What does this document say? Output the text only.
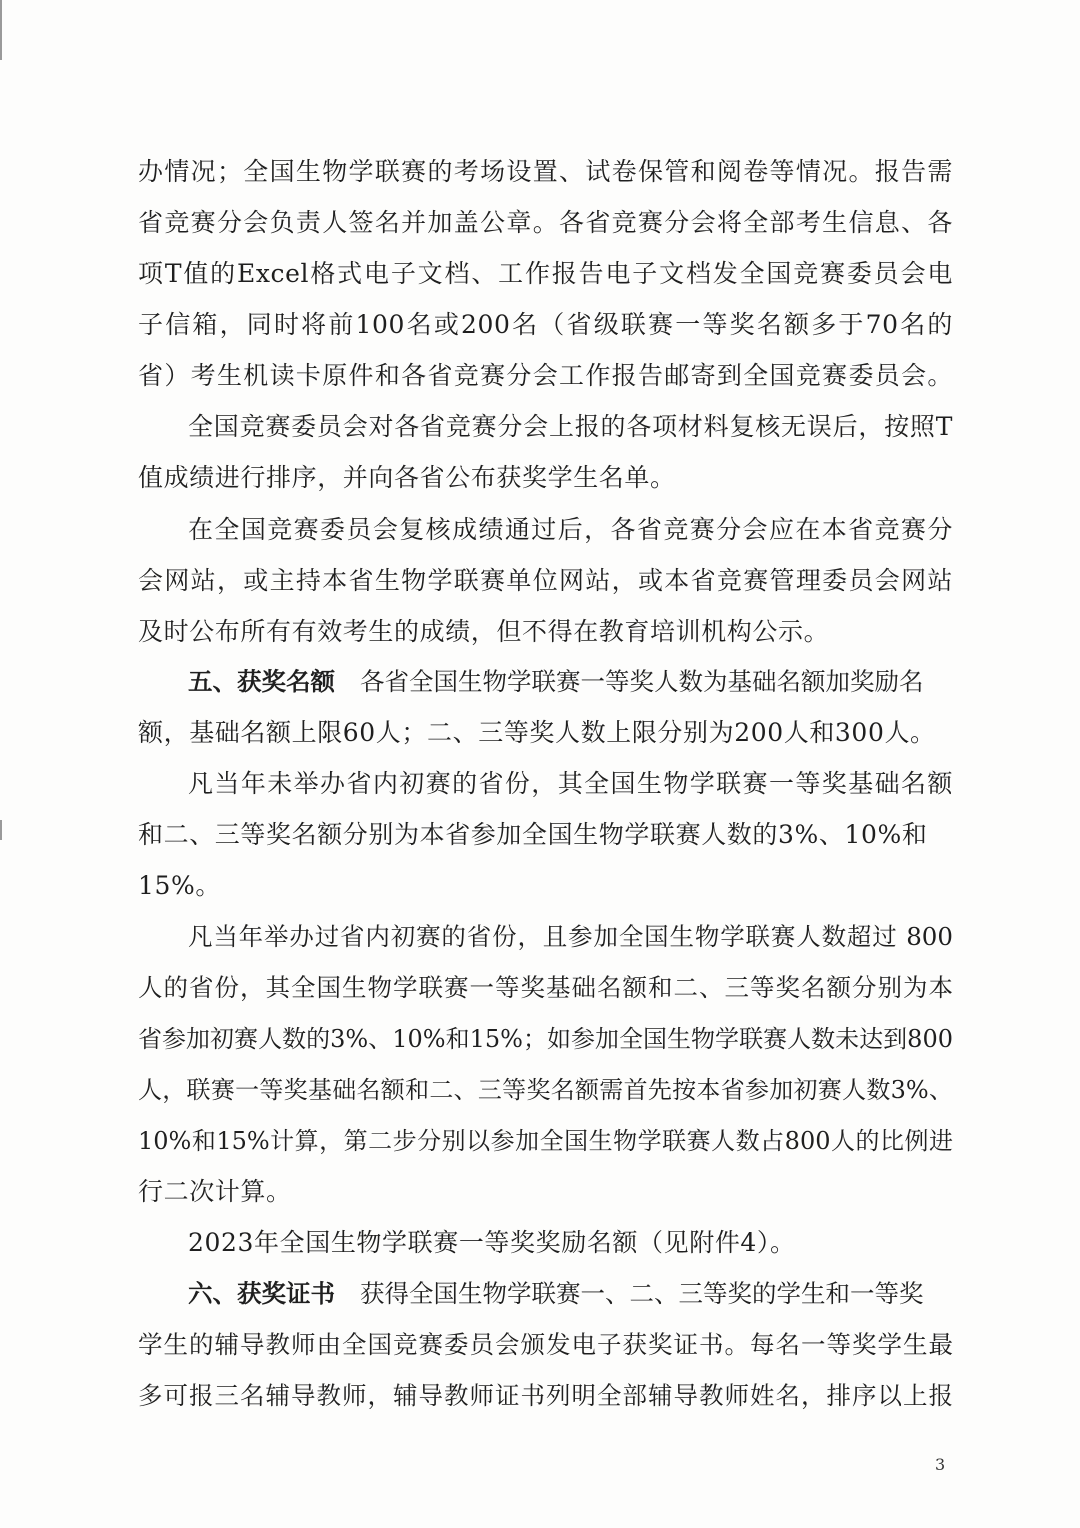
办情况；全国生物学联赛的考场设置、试卷保管和阅卷等情况。报告需
省竞赛分会负责人签名并加盖公章。各省竞赛分会将全部考生信息、各
项T值的Excel格式电子文档、工作报告电子文档发全国竞赛委员会电
子信箱，同时将前100名或200名（省级联赛一等奖名额多于70名的
省）考生机读卡原件和各省竞赛分会工作报告邮寄到全国竞赛委员会。
全国竞赛委员会对各省竞赛分会上报的各项材料复核无误后，按照T
值成绩进行排序，并向各省公布获奖学生名单。
在全国竞赛委员会复核成绩通过后，各省竞赛分会应在本省竞赛分
会网站，或主持本省生物学联赛单位网站，或本省竞赛管理委员会网站
及时公布所有有效考生的成绩，但不得在教育培训机构公示。
五、获奖名额 各省全国生物学联赛一等奖人数为基础名额加奖励名
额，基础名额上限60人；二、三等奖人数上限分别为200人和300人。
凡当年未举办省内初赛的省份，其全国生物学联赛一等奖基础名额
和二、三等奖名额分别为本省参加全国生物学联赛人数的3%、10%和
15%。
凡当年举办过省内初赛的省份，且参加全国生物学联赛人数超过 800
人的省份，其全国生物学联赛一等奖基础名额和二、三等奖名额分别为本
省参加初赛人数的3%、10%和15%；如参加全国生物学联赛人数未达到800
人，联赛一等奖基础名额和二、三等奖名额需首先按本省参加初赛人数3%、
10%和15%计算，第二步分别以参加全国生物学联赛人数占800人的比例进
行二次计算。
2023年全国生物学联赛一等奖奖励名额（见附件4）。
六、获奖证书 获得全国生物学联赛一、二、三等奖的学生和一等奖
学生的辅导教师由全国竞赛委员会颁发电子获奖证书。每名一等奖学生最
多可报三名辅导教师，辅导教师证书列明全部辅导教师姓名，排序以上报
3
